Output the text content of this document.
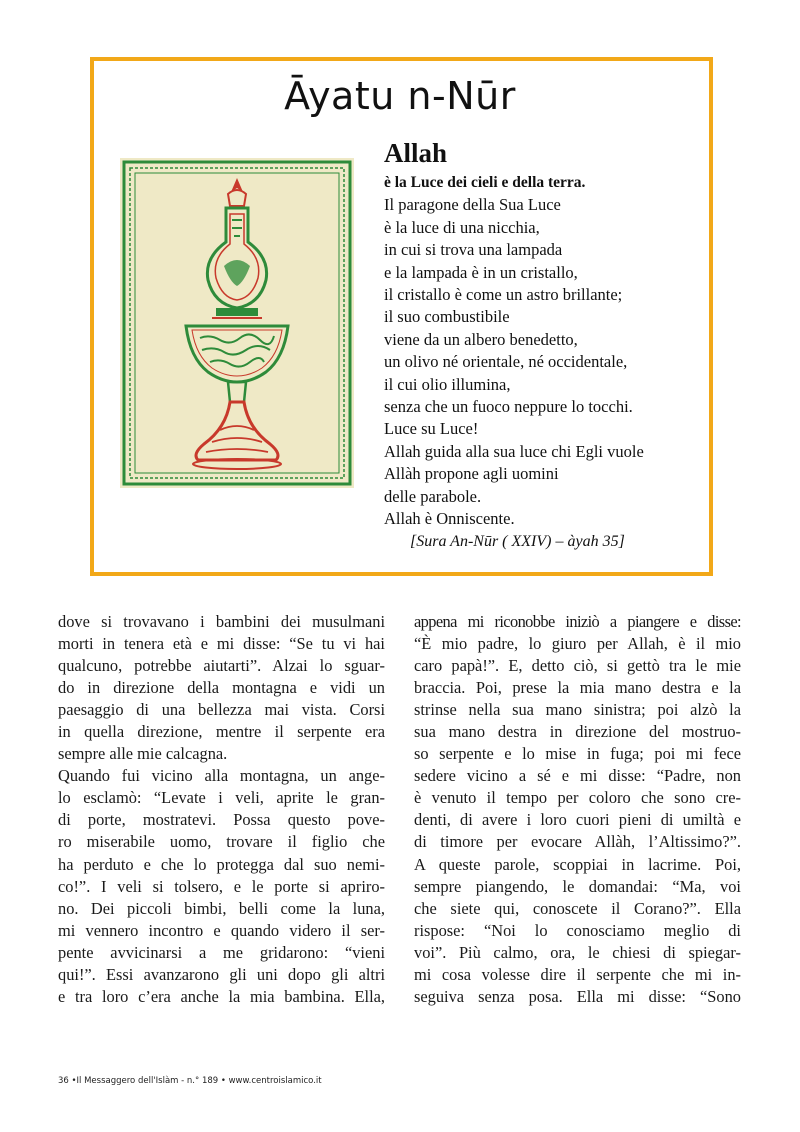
Āyatu n-Nūr
Allah
è la Luce dei cieli e della terra.
Il paragone della Sua Luce
è la luce di una nicchia,
in cui si trova una lampada
e la lampada è in un cristallo,
il cristallo è come un astro brillante;
il suo combustibile
viene da un albero benedetto,
un olivo né orientale, né occidentale,
il cui olio illumina,
senza che un fuoco neppure lo tocchi.
Luce su Luce!
Allah guida alla sua luce chi Egli vuole
Allàh propone agli uomini
delle parabole.
Allah è Onniscente.
[Sura An-Nūr ( XXIV) – àyah 35]
dove si trovavano i bambini dei musulmani
morti in tenera età e mi disse: “Se tu vi hai
qualcuno, potrebbe aiutarti”. Alzai lo sguar-
do in direzione della montagna e vidi un
paesaggio di una bellezza mai vista. Corsi
in quella direzione, mentre il serpente era
sempre alle mie calcagna.
Quando fui vicino alla montagna, un ange-
lo esclamò: “Levate i veli, aprite le gran-
di porte, mostratevi. Possa questo pove-
ro miserabile uomo, trovare il figlio che
ha perduto e che lo protegga dal suo nemi-
co!”. I veli si tolsero, e le porte si apriro-
no. Dei piccoli bimbi, belli come la luna,
mi vennero incontro e quando videro il ser-
pente avvicinarsi a me gridarono: “vieni
qui!”. Essi avanzarono gli uni dopo gli altri
e tra loro c’era anche la mia bambina. Ella,
appena mi riconobbe iniziò a piangere e disse:
“È mio padre, lo giuro per Allah, è il mio
caro papà!”. E, detto ciò, si gettò tra le mie
braccia. Poi, prese la mia mano destra e la
strinse nella sua mano sinistra; poi alzò la
sua mano destra in direzione del mostruo-
so serpente e lo mise in fuga; poi mi fece
sedere vicino a sé e mi disse: “Padre, non
è venuto il tempo per coloro che sono cre-
denti, di avere i loro cuori pieni di umiltà e
di timore per evocare Allàh, l’Altissimo?”.
A queste parole, scoppiai in lacrime. Poi,
sempre piangendo, le domandai: “Ma, voi
che siete qui, conoscete il Corano?”. Ella
rispose: “Noi lo conosciamo meglio di
voi”. Più calmo, ora, le chiesi di spiegar-
mi cosa volesse dire il serpente che mi in-
seguiva senza posa. Ella mi disse: “Sono
36 •Il Messaggero dell'Islàm - n.° 189 • www.centroislamico.it
